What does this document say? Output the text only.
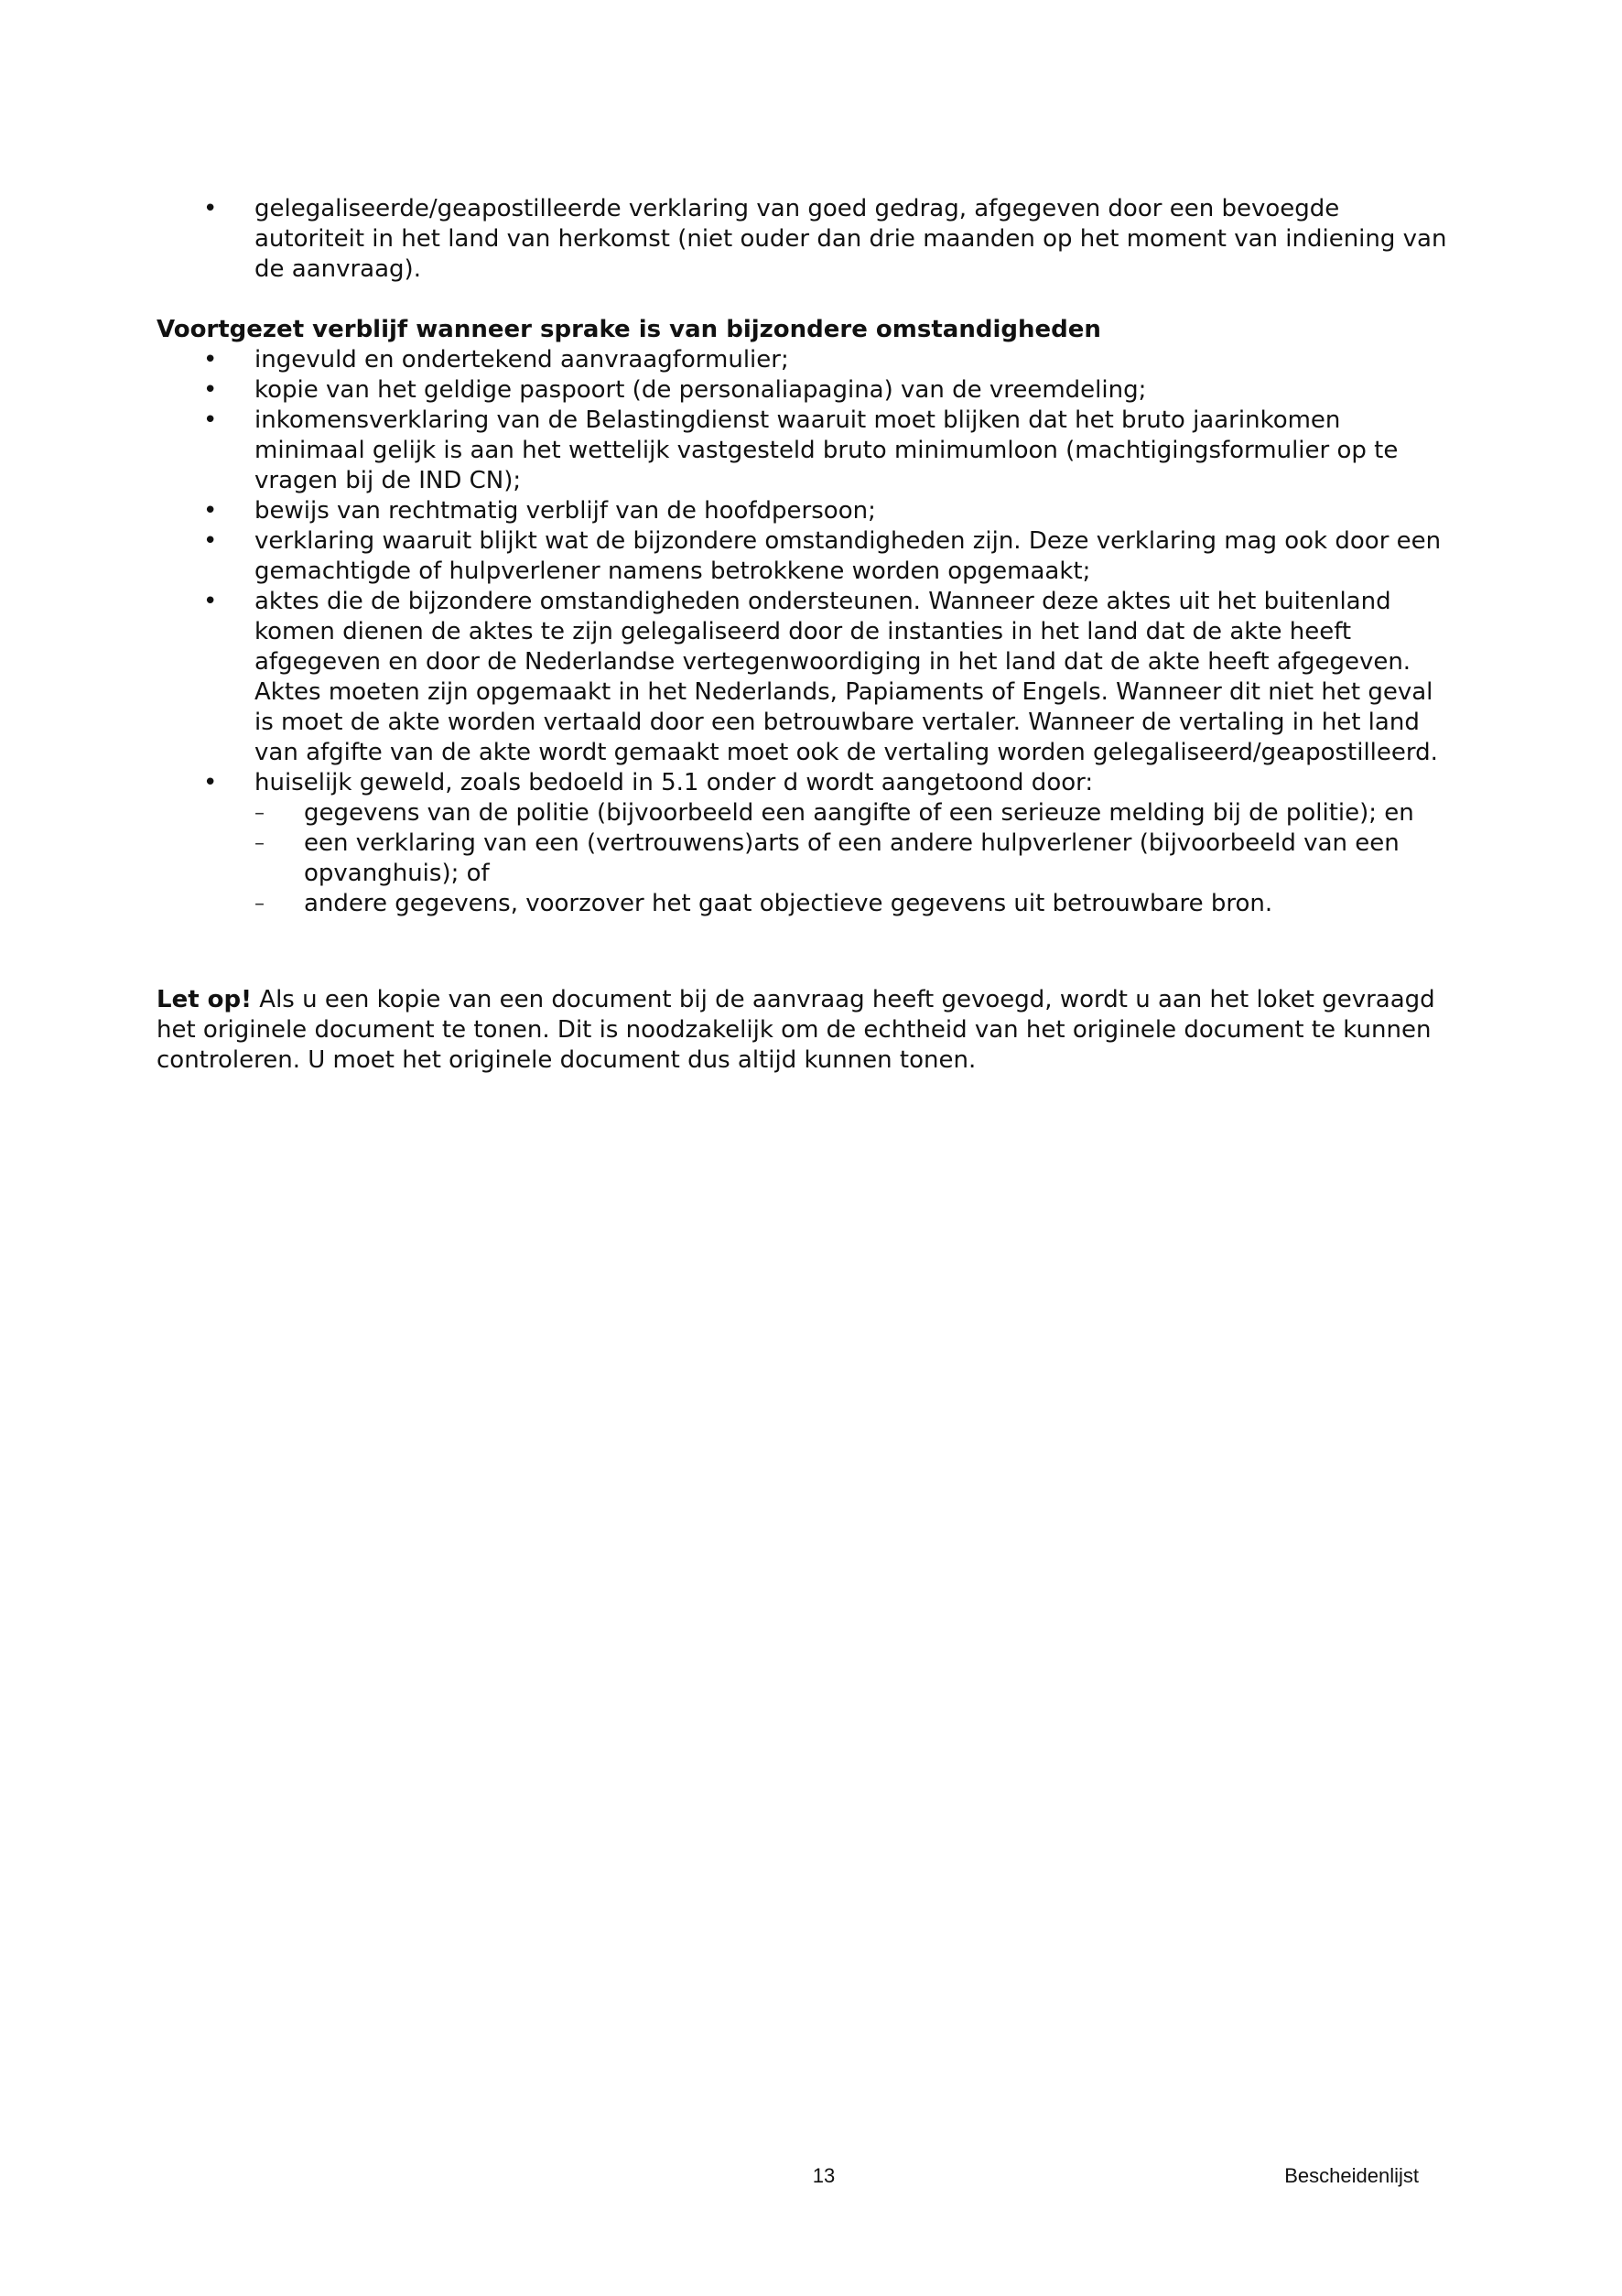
• gelegaliseerde/geapostilleerde verklaring van goed gedrag, afgegeven door een bevoegde autoriteit in het land van herkomst (niet ouder dan drie maanden op het moment van indiening van de aanvraag).
Voortgezet verblijf wanneer sprake is van bijzondere omstandigheden
• ingevuld en ondertekend aanvraagformulier;
• kopie van het geldige paspoort (de personaliapagina) van de vreemdeling;
• inkomensverklaring van de Belastingdienst waaruit moet blijken dat het bruto jaarinkomen minimaal gelijk is aan het wettelijk vastgesteld bruto minimumloon (machtigingsformulier op te vragen bij de IND CN);
• bewijs van rechtmatig verblijf van de hoofdpersoon;
• verklaring waaruit blijkt wat de bijzondere omstandigheden zijn. Deze verklaring mag ook door een gemachtigde of hulpverlener namens betrokkene worden opgemaakt;
• aktes die de bijzondere omstandigheden ondersteunen. Wanneer deze aktes uit het buitenland komen dienen de aktes te zijn gelegaliseerd door de instanties in het land dat de akte heeft afgegeven en door de Nederlandse vertegenwoordiging in het land dat de akte heeft afgegeven. Aktes moeten zijn opgemaakt in het Nederlands, Papiaments of Engels. Wanneer dit niet het geval is moet de akte worden vertaald door een betrouwbare vertaler. Wanneer de vertaling in het land van afgifte van de akte wordt gemaakt moet ook de vertaling worden gelegaliseerd/geapostilleerd.
• huiselijk geweld, zoals bedoeld in 5.1 onder d wordt aangetoond door:
– gegevens van de politie (bijvoorbeeld een aangifte of een serieuze melding bij de politie); en
– een verklaring van een (vertrouwens)arts of een andere hulpverlener (bijvoorbeeld van een opvanghuis); of
– andere gegevens, voorzover het gaat objectieve gegevens uit betrouwbare bron.

Let op! Als u een kopie van een document bij de aanvraag heeft gevoegd, wordt u aan het loket gevraagd het originele document te tonen. Dit is noodzakelijk om de echtheid van het originele document te kunnen controleren. U moet het originele document dus altijd kunnen tonen.

13	Bescheidenlijst
